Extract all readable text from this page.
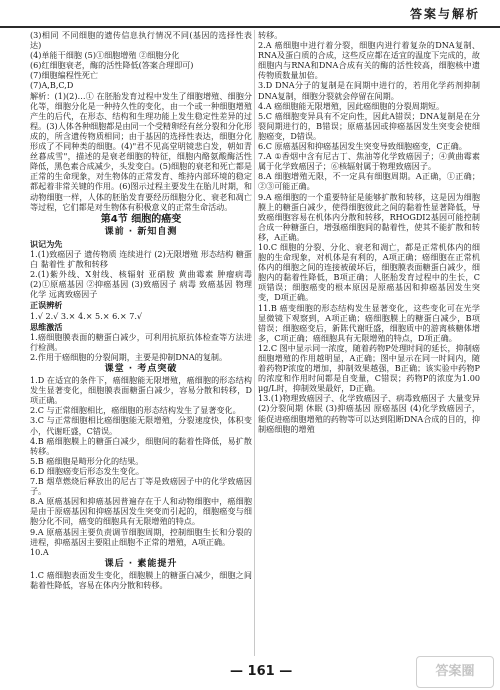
答案与解析

(3)相同 不同细胞的遗传信息执行情况不同(基因的选择性表达)

(4)单能干细胞 (5)①细胞增殖 ②细胞分化

(6)红细胞衰老，酶的活性降低(答案合理即可)

(7)细胞编程性死亡

(7)A,B,C,D

解析：(1)(2)…① 在胚胎发育过程中发生了细胞增殖、细胞分化等，细胞分化是一种持久性的变化，由一个或一种细胞增殖产生的后代，在形态、结构和生理功能上发生稳定性差异的过程。(3)人体各种细胞都是由同一个受精卵经有丝分裂和分化形成的，所含遗传物质相同；由于基因的选择性表达，细胞分化形成了不同种类的细胞。(4)"君不见高堂明镜悲白发，朝如青丝暮成雪"，描述的是衰老细胞的特征，细胞内酪氨酸酶活性降低，黑色素合成减少，头发变白。(5)细胞的衰老和死亡都是正常的生命现象，对生物体的正常发育、维持内部环境的稳定都起着非常关键的作用。(6)图示过程主要发生在胎儿时期，和动物细胞一样，人体的胚胎发育要经历细胞分化、衰老和凋亡等过程，它们都是对生物体有积极意义的正常生命活动。

第4节 细胞的癌变
课前 · 新知自测
识记为先

1.(1)致癌因子 遗传物质 连续进行 (2)无限增殖 形态结构 糖蛋白 黏着性 扩散和转移

2.(1)紫外线、X射线、核辐射 亚硝胺 黄曲霉素 肿瘤病毒 (2)①原癌基因 ②抑癌基因 (3)致癌因子 病毒 致癌基因 物理 化学 远离致癌因子

正误辨析

1.√ 2.√ 3.× 4.× 5.× 6.× 7.√

思维激活

1.癌细胞膜表面的糖蛋白减少，可利用抗原抗体检查等方法进行检测。

2.作用于癌细胞的分裂间期，主要是抑制DNA的复制。

课堂 · 考点突破

1.D 在适宜的条件下，癌细胞能无限增殖，癌细胞的形态结构发生显著变化，细胞膜表面糖蛋白减少，容易分散和转移，D项正确。

2.C 与正常细胞相比，癌细胞的形态结构发生了显著变化。

3.C 与正常细胞相比癌细胞能无限增殖，分裂速度快，体积变小，代谢旺盛，C错误。

4.B 癌细胞膜上的糖蛋白减少，细胞间的黏着性降低，易扩散转移。

5.B 癌细胞是畸形分化的结果。

6.D 细胞癌变后形态发生变化。

7.B 烟草燃烧后释放出的尼古丁等是致癌因子中的化学致癌因子。

8.A 原癌基因和抑癌基因普遍存在于人和动物细胞中，癌细胞是由于原癌基因和抑癌基因发生突变而引起的，细胞癌变与细胞分化不同，癌变的细胞具有无限增殖的特点。

9.A 原癌基因主要负责调节细胞周期，控制细胞生长和分裂的进程，抑癌基因主要阻止细胞不正常的增殖，A项正确。

10.A

课后 · 素能提升

1.C 癌细胞表面发生变化，细胞膜上的糖蛋白减少，细胞之间黏着性降低，容易在体内分散和转移。

转移。

2.A 癌细胞中进行着分裂，细胞内进行着复杂的DNA复制、RNA及蛋白质的合成，这些反应都在适宜的温度下完成的，故细胞内与RNA和DNA合成有关的酶的活性较高，细胞核中遗传物质数量加倍。

3.D DNA分子的复制是在间期中进行的，若用化学药剂抑制DNA复制，细胞分裂就会停留在间期。

4.A 癌细胞能无限增殖，因此癌细胞的分裂周期短。

5.C 癌细胞变异具有不定向性，因此A错误；DNA复制是在分裂间期进行的，B错误；原癌基因或抑癌基因发生突变会使细胞癌变，D错误。

6.C 原癌基因和抑癌基因发生突变导致细胞癌变，C正确。

7.A ①香烟中含有尼古丁、焦油等化学致癌因子；④黄曲霉素属于化学致癌因子；⑥核辐射属于物理致癌因子。

8.A 细胞增殖无限，不一定具有细胞周期。A正确，①正确；②③可能正确。

9.A 癌细胞的一个重要特征是能够扩散和转移，这是因为细胞膜上的糖蛋白减少，使得细胞彼此之间的黏着性显著降低，导致癌细胞容易在机体内分散和转移，RHOGDI2基因可能控制合成一种糖蛋白，增强癌细胞间的黏着性，使其不能扩散和转移，A正确。

10.C 细胞的分裂、分化、衰老和凋亡，都是正常机体内的细胞的生命现象，对机体是有利的，A项正确；癌细胞在正常机体内的细胞之间的连接被破坏后，细胞膜表面糖蛋白减少，细胞内的黏着性降低，B项正确；人胚胎发育过程中的生长，C项错误；细胞癌变的根本原因是原癌基因和抑癌基因发生突变，D项正确。

11.B 癌变细胞的形态结构发生显著变化，这些变化可在光学显微镜下观察到，A项正确；癌细胞膜上的糖蛋白减少，B项错误；细胞癌变后，新陈代谢旺盛，细胞质中的游离核糖体增多，C项正确；癌细胞具有无限增殖的特点，D项正确。

12.C 图中显示同一浓度，随着药物P处理时间的延长，抑制癌细胞增殖的作用越明显，A正确；图中显示在同一时间内，随着药物P浓度的增加，抑制效果越强，B正确；该实验中药物P的浓度和作用时间都是自变量，C错误；药物P的浓度为1.00 μg/L时，抑制效果最好，D正确。

13.(1)物理致癌因子、化学致癌因子、病毒致癌因子 大量变异 (2)分裂间期 休眠 (3)抑癌基因 原癌基因 (4)化学致癌因子，能促进癌细胞增殖的药物等可以达到阻断DNA合成的目的，抑制癌细胞的增殖

— 161 —	答案圈
